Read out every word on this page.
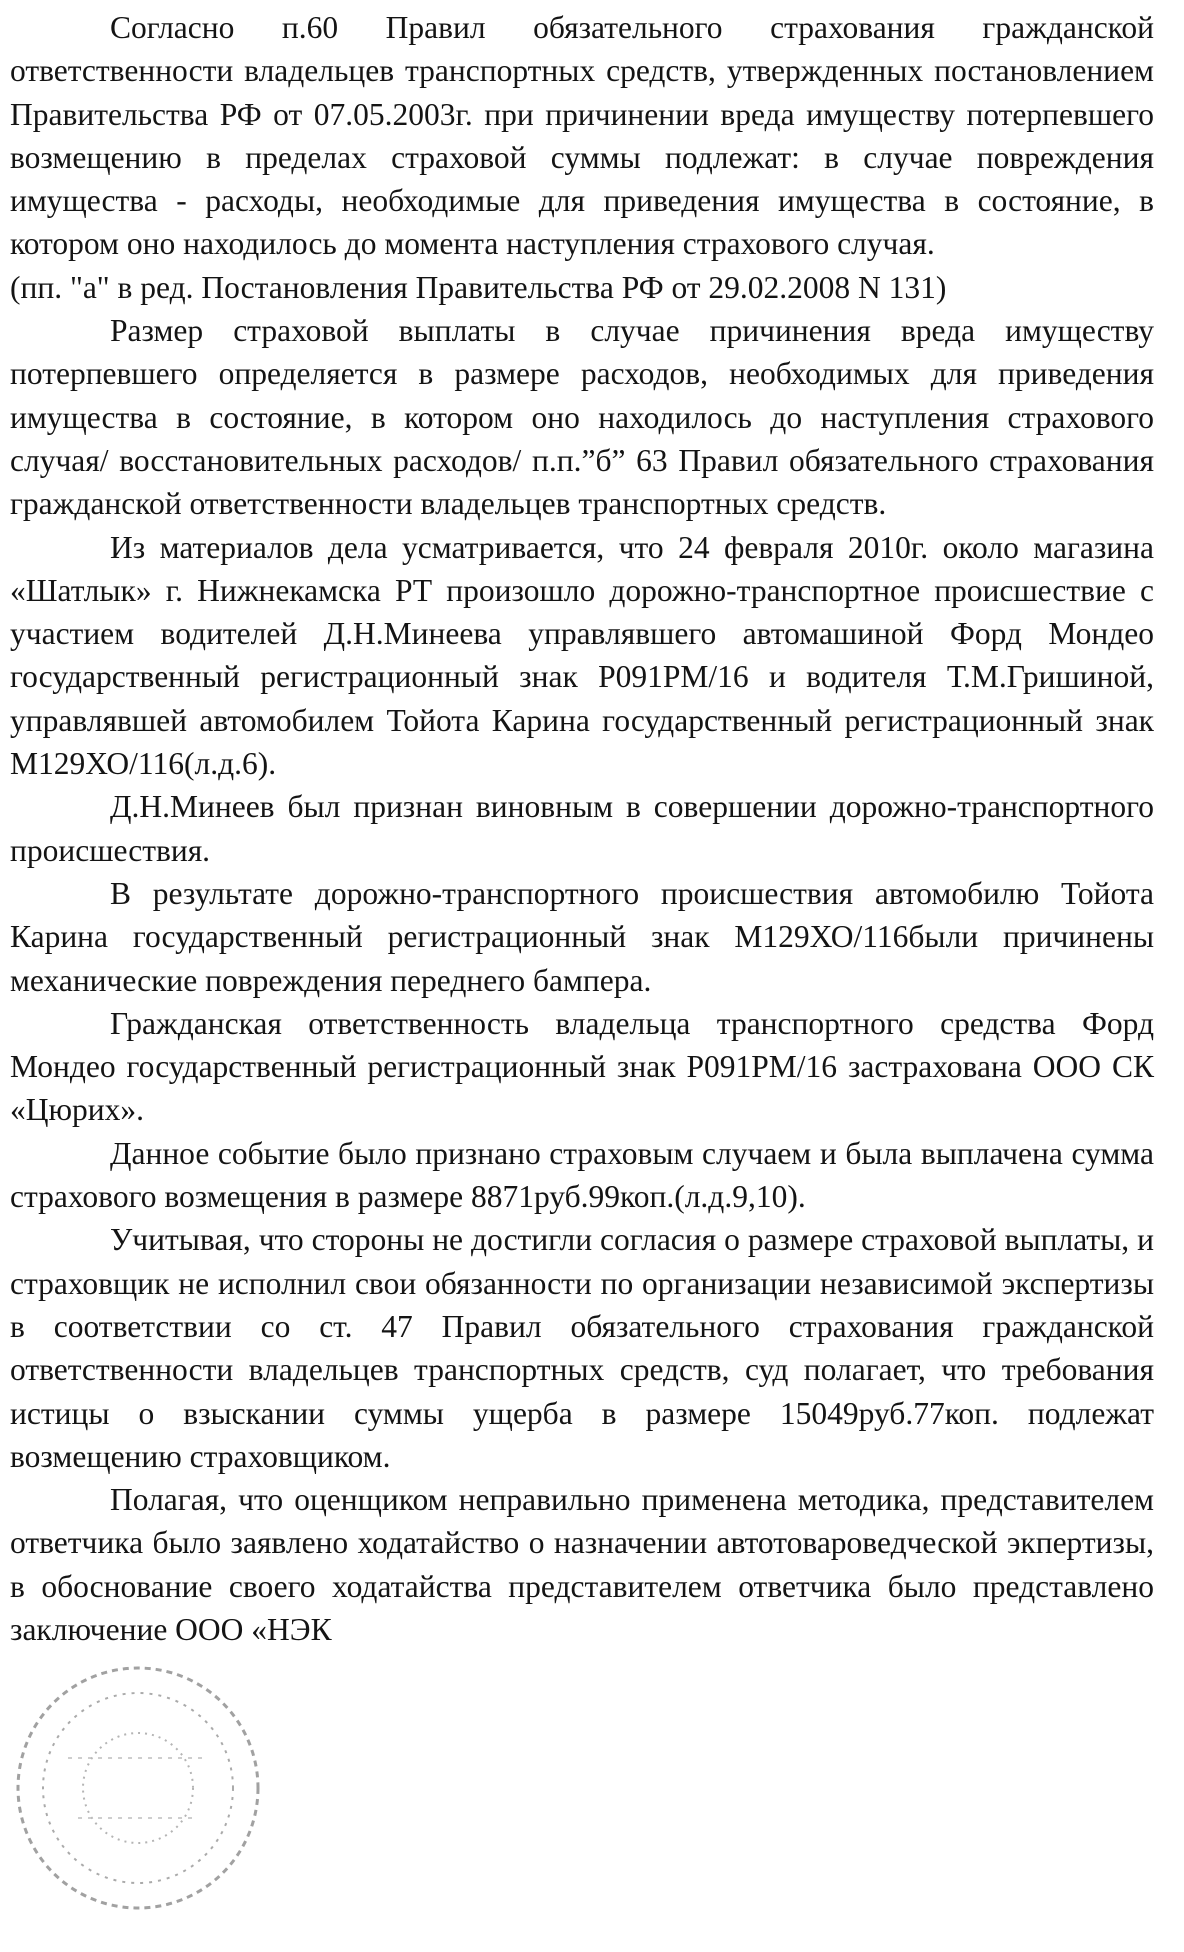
Согласно п.60 Правил обязательного страхования гражданской ответственности владельцев транспортных средств, утвержденных постановлением Правительства РФ от 07.05.2003г. при причинении вреда имуществу потерпевшего возмещению в пределах страховой суммы подлежат: в случае повреждения имущества - расходы, необходимые для приведения имущества в состояние, в котором оно находилось до момента наступления страхового случая.

(пп. "а" в ред. Постановления Правительства РФ от 29.02.2008 N 131)

Размер страховой выплаты в случае причинения вреда имуществу потерпевшего определяется в размере расходов, необходимых для приведения имущества в состояние, в котором оно находилось до наступления страхового случая/ восстановительных расходов/ п.п.”б” 63 Правил обязательного страхования гражданской ответственности владельцев транспортных средств.

Из материалов дела усматривается, что 24 февраля 2010г. около магазина «Шатлык» г. Нижнекамска РТ произошло дорожно-транспортное происшествие с участием водителей Д.Н.Минеева управлявшего автомашиной Форд Мондео государственный регистрационный знак Р091РМ/16 и водителя Т.М.Гришиной, управлявшей автомобилем Тойота Карина государственный регистрационный знак М129ХО/116(л.д.6).

Д.Н.Минеев был признан виновным в совершении дорожно-транспортного происшествия.

В результате дорожно-транспортного происшествия автомобилю Тойота Карина государственный регистрационный знак М129ХО/116были причинены механические повреждения переднего бампера.

Гражданская ответственность владельца транспортного средства Форд Мондео государственный регистрационный знак Р091РМ/16 застрахована ООО СК «Цюрих».

Данное событие было признано страховым случаем и была выплачена сумма страхового возмещения в размере 8871руб.99коп.(л.д.9,10).

Учитывая, что стороны не достигли согласия о размере страховой выплаты, и страховщик не исполнил свои обязанности по организации независимой экспертизы в соответствии со ст. 47 Правил обязательного страхования гражданской ответственности владельцев транспортных средств, суд полагает, что требования истицы о взыскании суммы ущерба в размере 15049руб.77коп. подлежат возмещению страховщиком.

Полагая, что оценщиком неправильно применена методика, представителем ответчика было заявлено ходатайство о назначении автотовароведческой экпертизы, в обоснование своего ходатайства представителем ответчика было представлено заключение ООО «НЭК
